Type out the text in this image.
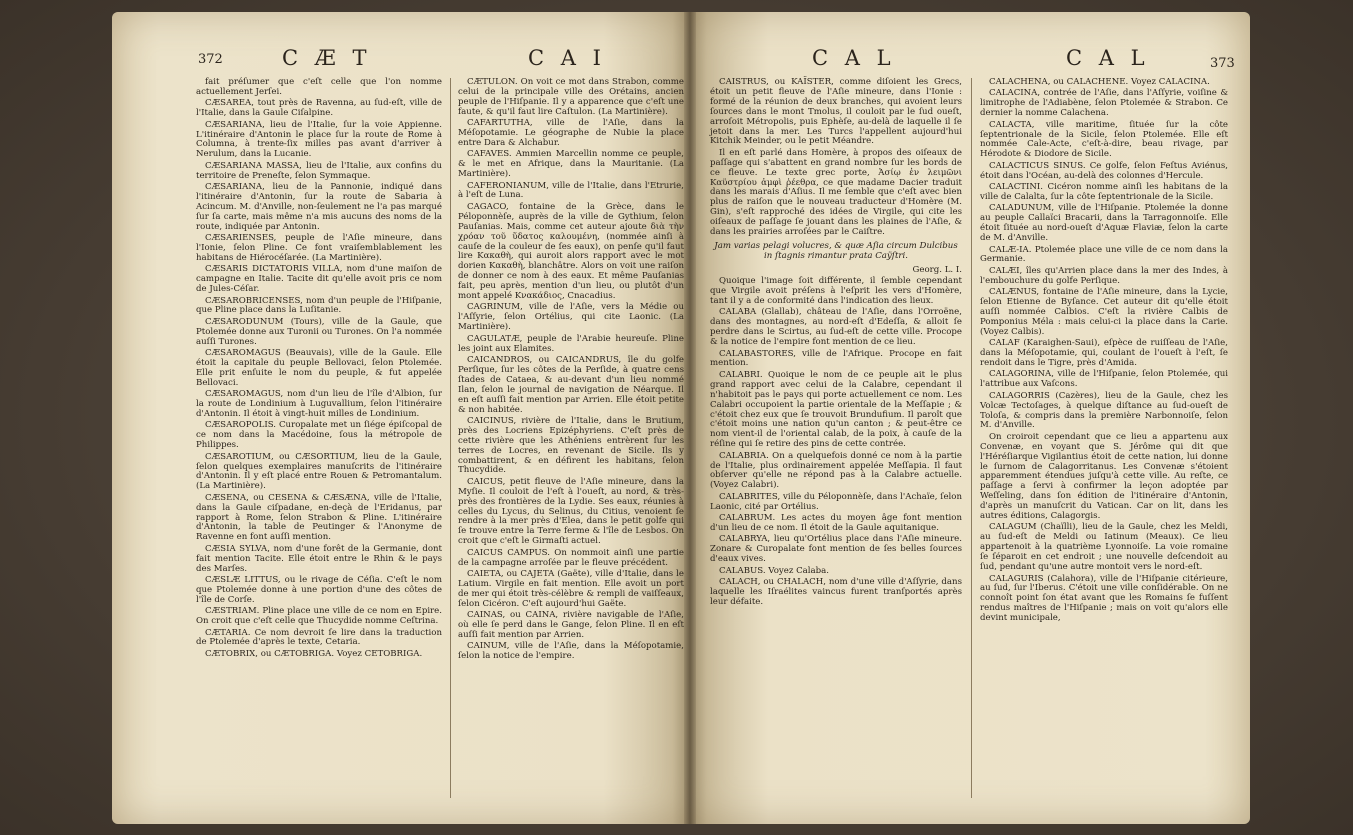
372	C Æ T	C A I

fait préſumer que c'eſt celle que l'on nomme actuellement Jerſei.

CÆSAREA, tout près de Ravenna, au ſud-eſt, ville de l'Italie, dans la Gaule Ciſalpine.

CÆSARIANA, lieu de l'Italie, ſur la voie Appienne. L'itinéraire d'Antonin le place ſur la route de Rome à Columna, à trente-ſix milles pas avant d'arriver à Nerulum, dans la Lucanie.

CÆSARIANA MASSA, lieu de l'Italie, aux confins du territoire de Preneſte, ſelon Symmaque.

CÆSARIANA, lieu de la Pannonie, indiqué dans l'itinéraire d'Antonin, ſur la route de Sabaria à Acincum. M. d'Anville, non-ſeulement ne l'a pas marqué ſur ſa carte, mais même n'a mis aucuns des noms de la route, indiquée par Antonin.

CÆSARIENSES, peuple de l'Aſie mineure, dans l'Ionie, ſelon Pline. Ce font vraiſemblablement les habitans de Hiérocéſarée. (La Martinière).

CÆSARIS DICTATORIS VILLA, nom d'une maiſon de campagne en Italie. Tacite dit qu'elle avoit pris ce nom de Jules-Céſar.

CÆSAROBRICENSES, nom d'un peuple de l'Hiſpanie, que Pline place dans la Luſitanie.

CÆSARODUNUM (Tours), ville de la Gaule, que Ptolemée donne aux Turonii ou Turones. On l'a nommée auſſi Turones.

CÆSAROMAGUS (Beauvais), ville de la Gaule. Elle étoit la capitale du peuple Bellovaci, ſelon Ptolemée. Elle prit enſuite le nom du peuple, & fut appelée Bellovaci.

CÆSAROMAGUS, nom d'un lieu de l'île d'Albion, ſur la route de Londinium à Luguvallium, ſelon l'itinéraire d'Antonin. Il étoit à vingt-huit milles de Londinium.

CÆSAROPOLIS. Curopalate met un ſiége épiſcopal de ce nom dans la Macédoine, ſous la métropole de Philippes.

CÆSAROTIUM, ou CÆSORTIUM, lieu de la Gaule, ſelon quelques exemplaires manuſcrits de l'itinéraire d'Antonin. Il y eſt placé entre Rouen & Petromantalum. (La Martinière).

CÆSENA, ou CESENA & CÆSÆNA, ville de l'Italie, dans la Gaule ciſpadane, en-deçà de l'Eridanus, par rapport à Rome, ſelon Strabon & Pline. L'itinéraire d'Antonin, la table de Peutinger & l'Anonyme de Ravenne en font auſſi mention.

CÆSIA SYLVA, nom d'une forêt de la Germanie, dont fait mention Tacite. Elle étoit entre le Rhin & le pays des Marſes.

CÆSLÆ LITTUS, ou le rivage de Céſia. C'eſt le nom que Ptolemée donne à une portion d'une des côtes de l'île de Corſe.

CÆSTRIAM. Pline place une ville de ce nom en Epire. On croit que c'eſt celle que Thucydide nomme Ceſtrina.

CÆTARIA. Ce nom devroit ſe lire dans la traduction de Ptolemée d'après le texte, Cetaria.

CÆTOBRIX, ou CÆTOBRIGA. Voyez CETOBRIGA.

CÆTULON. On voit ce mot dans Strabon, comme celui de la principale ville des Orétains, ancien peuple de l'Hiſpanie. Il y a apparence que c'eſt une faute, & qu'il faut lire Caſtulon. (La Martinière).

CAFARTUTHA, ville de l'Aſie, dans la Méſopotamie. Le géographe de Nubie la place entre Dara & Alchabur.

CAFAVES. Ammien Marcellin nomme ce peuple, & le met en Afrique, dans la Mauritanie. (La Martinière).

CAFERONIANUM, ville de l'Italie, dans l'Etrurie, à l'eſt de Luna.

CAGACO, fontaine de la Grèce, dans le Péloponnèſe, auprès de la ville de Gythium, ſelon Pauſanias. Mais, comme cet auteur ajoute διὰ τὴν χρόαν τοῦ ὕδατος καλουμένη, (nommée ainſi à cauſe de la couleur de ſes eaux), on penſe qu'il faut lire Κακαθὴ, qui auroit alors rapport avec le mot dorien Κακαθὴ, blanchâtre. Alors on voit une raiſon de donner ce nom à des eaux. Et même Pauſanias fait, peu après, mention d'un lieu, ou plutôt d'un mont appelé Κνακάδιος, Cnacadius.

CAGRINUM, ville de l'Aſie, vers la Médie ou l'Aſſyrie, ſelon Ortélius, qui cite Laonic. (La Martinière).

CAGULATÆ, peuple de l'Arabie heureuſe. Pline les joint aux Elamites.

CAICANDROS, ou CAICANDRUS, île du golfe Perſique, ſur les côtes de la Perſide, à quatre cens ſtades de Cataea, & au-devant d'un lieu nommé Ilan, ſelon le journal de navigation de Néarque. Il en eſt auſſi fait mention par Arrien. Elle étoit petite & non habitée.

CAICINUS, rivière de l'Italie, dans le Brutium, près des Locriens Epizéphyriens. C'eſt près de cette rivière que les Athéniens entrèrent ſur les terres de Locres, en revenant de Sicile. Ils y combattirent, & en défirent les habitans, ſelon Thucydide.

CAICUS, petit fleuve de l'Aſie mineure, dans la Myſie. Il couloit de l'eſt à l'oueſt, au nord, & très-près des frontières de la Lydie. Ses eaux, réunies à celles du Lycus, du Selinus, du Citius, venoient ſe rendre à la mer près d'Elea, dans le petit golfe qui ſe trouve entre la Terre ferme & l'île de Lesbos. On croit que c'eſt le Girmaſti actuel.

CAICUS CAMPUS. On nommoit ainſi une partie de la campagne arroſée par le fleuve précédent.

CAIETA, ou CAJETA (Gaëte), ville d'Italie, dans le Latium. Virgile en fait mention. Elle avoit un port de mer qui étoit très-célèbre & rempli de vaiſſeaux, ſelon Cicéron. C'eſt aujourd'hui Gaëte.

CAINAS, ou CAINA, rivière navigable de l'Aſie, où elle ſe perd dans le Gange, ſelon Pline. Il en eſt auſſi fait mention par Arrien.

CAINUM, ville de l'Aſie, dans la Méſopotamie, ſelon la notice de l'empire.

C A L	C A L	373

CAISTRUS, ou KAÏSTER, comme diſoient les Grecs, étoit un petit fleuve de l'Aſie mineure, dans l'Ionie : formé de la réunion de deux branches, qui avoient leurs ſources dans le mont Tmolus, il couloit par le ſud oueſt, arroſoit Métropolis, puis Ephèſe, au-delà de laquelle il ſe jetoit dans la mer. Les Turcs l'appellent aujourd'hui Kitchik Meinder, ou le petit Méandre.

Il en eſt parlé dans Homère, à propos des oiſeaux de paſſage qui s'abattent en grand nombre ſur les bords de ce fleuve. Le texte grec porte, Ἀσίῳ ἐν λειμῶνι Καϋστρίου ἀμφὶ ῥέεθρα, ce que madame Dacier traduit dans les marais d'Aſius. Il me ſemble que c'eſt avec bien plus de raiſon que le nouveau traducteur d'Homère (M. Gin), s'eſt rapproché des idées de Virgile, qui cite les oiſeaux de paſſage ſe jouant dans les plaines de l'Aſie, & dans les prairies arroſées par le Caiſtre.

Jam varias pelagi volucres, & quæ Aſia circum Dulcibus in ſtagnis rimantur prata Caÿſtri.

Georg. L. I.

Quoique l'image ſoit différente, il ſemble cependant que Virgile avoit préſens à l'eſprit les vers d'Homère, tant il y a de conformité dans l'indication des lieux.

CALABA (Glallab), château de l'Aſie, dans l'Orroëne, dans des montagnes, au nord-eſt d'Edeſſa, & alloit ſe perdre dans le Scirtus, au ſud-eſt de cette ville. Procope & la notice de l'empire font mention de ce lieu.

CALABASTORES, ville de l'Afrique. Procope en fait mention.

CALABRI. Quoique le nom de ce peuple ait le plus grand rapport avec celui de la Calabre, cependant il n'habitoit pas le pays qui porte actuellement ce nom. Les Calabri occupoient la partie orientale de la Meſſapie ; & c'étoit chez eux que ſe trouvoit Brundufium. Il paroît que c'étoit moins une nation qu'un canton ; & peut-être ce nom vient-il de l'oriental calab, de la poix, à cauſe de la réſine qui ſe retire des pins de cette contrée.

CALABRIA. On a quelquefois donné ce nom à la partie de l'Italie, plus ordinairement appelée Meſſapia. Il faut obſerver qu'elle ne répond pas à la Calabre actuelle. (Voyez Calabri).

CALABRITES, ville du Péloponnèſe, dans l'Achaïe, ſelon Laonic, cité par Ortélius.

CALABRUM. Les actes du moyen âge font mention d'un lieu de ce nom. Il étoit de la Gaule aquitanique.

CALABRYA, lieu qu'Ortélius place dans l'Aſie mineure. Zonare & Curopalate font mention de ſes belles ſources d'eaux vives.

CALABUS. Voyez Calaba.

CALACH, ou CHALACH, nom d'une ville d'Aſſyrie, dans laquelle les Iſraélites vaincus furent tranſportés après leur défaite.

CALACHENA, ou CALACHENE. Voyez CALACINA.

CALACINA, contrée de l'Aſie, dans l'Aſſyrie, voiſine & limitrophe de l'Adiabène, ſelon Ptolemée & Strabon. Ce dernier la nomme Calachena.

CALACTA, ville maritime, ſituée ſur la côte ſeptentrionale de la Sicile, ſelon Ptolemée. Elle eſt nommée Cale-Acte, c'eſt-à-dire, beau rivage, par Hérodote & Diodore de Sicile.

CALACTICUS SINUS. Ce golfe, ſelon Feſtus Aviénus, étoit dans l'Océan, au-delà des colonnes d'Hercule.

CALACTINI. Cicéron nomme ainſi les habitans de la ville de Calalta, ſur la côte ſeptentrionale de la Sicile.

CALADUNUM, ville de l'Hiſpanie. Ptolemée la donne au peuple Callaïci Bracarii, dans la Tarragonnoiſe. Elle étoit ſituée au nord-oueſt d'Aquæ Flaviæ, ſelon la carte de M. d'Anville.

CALÆ-IA. Ptolemée place une ville de ce nom dans la Germanie.

CALÆI, îles qu'Arrien place dans la mer des Indes, à l'embouchure du golfe Perſique.

CALÆNUS, fontaine de l'Aſie mineure, dans la Lycie, ſelon Etienne de Byſance. Cet auteur dit qu'elle étoit auſſi nommée Calbios. C'eſt la rivière Calbis de Pomponius Méla : mais celui-ci la place dans la Carie. (Voyez Calbis).

CALAF (Karaighen-Saui), eſpèce de ruiſſeau de l'Aſie, dans la Méſopotamie, qui, coulant de l'oueſt à l'eſt, ſe rendoit dans le Tigre, près d'Amida.

CALAGORINA, ville de l'Hiſpanie, ſelon Ptolemée, qui l'attribue aux Vaſcons.

CALAGORRIS (Cazères), lieu de la Gaule, chez les Volcæ Tectoſages, à quelque diſtance au ſud-oueſt de Toloſa, & compris dans la première Narbonnoiſe, ſelon M. d'Anville.

On croiroit cependant que ce lieu a appartenu aux Convenæ, en voyant que S. Jérôme qui dit que l'Héréſiarque Vigilantius étoit de cette nation, lui donne le ſurnom de Calagorritanus. Les Convenæ s'étoient apparemment étendues juſqu'à cette ville. Au reſte, ce paſſage a ſervi à confirmer la leçon adoptée par Weſſeling, dans ſon édition de l'itinéraire d'Antonin, d'après un manuſcrit du Vatican. Car on lit, dans les autres éditions, Calagorgis.

CALAGUM (Chaïlli), lieu de la Gaule, chez les Meldi, au ſud-eſt de Meldi ou Iatinum (Meaux). Ce lieu appartenoit à la quatrième Lyonnoiſe. La voie romaine ſe ſéparoit en cet endroit ; une nouvelle deſcendoit au ſud, pendant qu'une autre montoit vers le nord-eſt.

CALAGURIS (Calahora), ville de l'Hiſpanie citérieure, au ſud, ſur l'Iberus. C'étoit une ville conſidérable. On ne connoît point ſon état avant que les Romains ſe fuſſent rendus maîtres de l'Hiſpanie ; mais on voit qu'alors elle devint municipale,
